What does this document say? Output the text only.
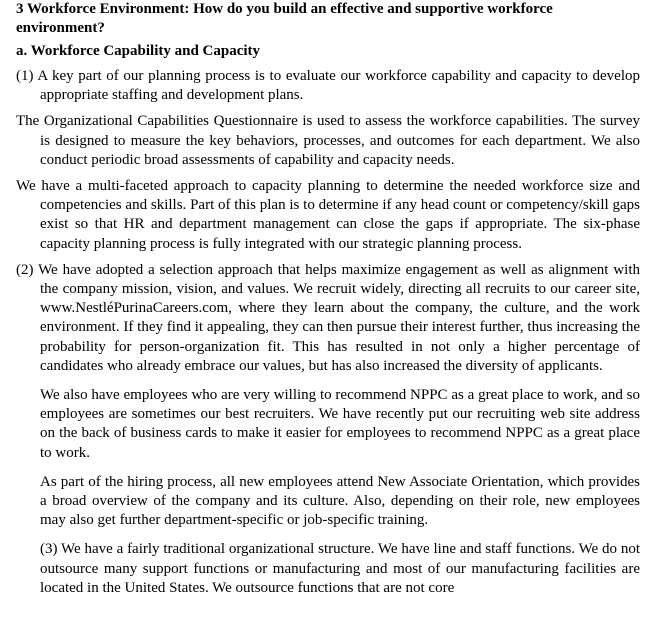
3 Workforce Environment: How do you build an effective and supportive workforce environment?

a. Workforce Capability and Capacity

(1) A key part of our planning process is to evaluate our workforce capability and capacity to develop appropriate staffing and development plans.

The Organizational Capabilities Questionnaire is used to assess the workforce capabilities. The survey is designed to measure the key behaviors, processes, and outcomes for each department. We also conduct periodic broad assessments of capability and capacity needs.

We have a multi-faceted approach to capacity planning to determine the needed workforce size and competencies and skills. Part of this plan is to determine if any head count or competency/skill gaps exist so that HR and department management can close the gaps if appropriate. The six-phase capacity planning process is fully integrated with our strategic planning process.

(2) We have adopted a selection approach that helps maximize engagement as well as alignment with the company mission, vision, and values. We recruit widely, directing all recruits to our career site, www.NestléPurinaCareers.com, where they learn about the company, the culture, and the work environment. If they find it appealing, they can then pursue their interest further, thus increasing the probability for person-organization fit. This has resulted in not only a higher percentage of candidates who already embrace our values, but has also increased the diversity of applicants.

We also have employees who are very willing to recommend NPPC as a great place to work, and so employees are sometimes our best recruiters. We have recently put our recruiting web site address on the back of business cards to make it easier for employees to recommend NPPC as a great place to work.

As part of the hiring process, all new employees attend New Associate Orientation, which provides a broad overview of the company and its culture. Also, depending on their role, new employees may also get further department-specific or job-specific training.

(3) We have a fairly traditional organizational structure. We have line and staff functions. We do not outsource many support functions or manufacturing and most of our manufacturing facilities are located in the United States. We outsource functions that are not core
